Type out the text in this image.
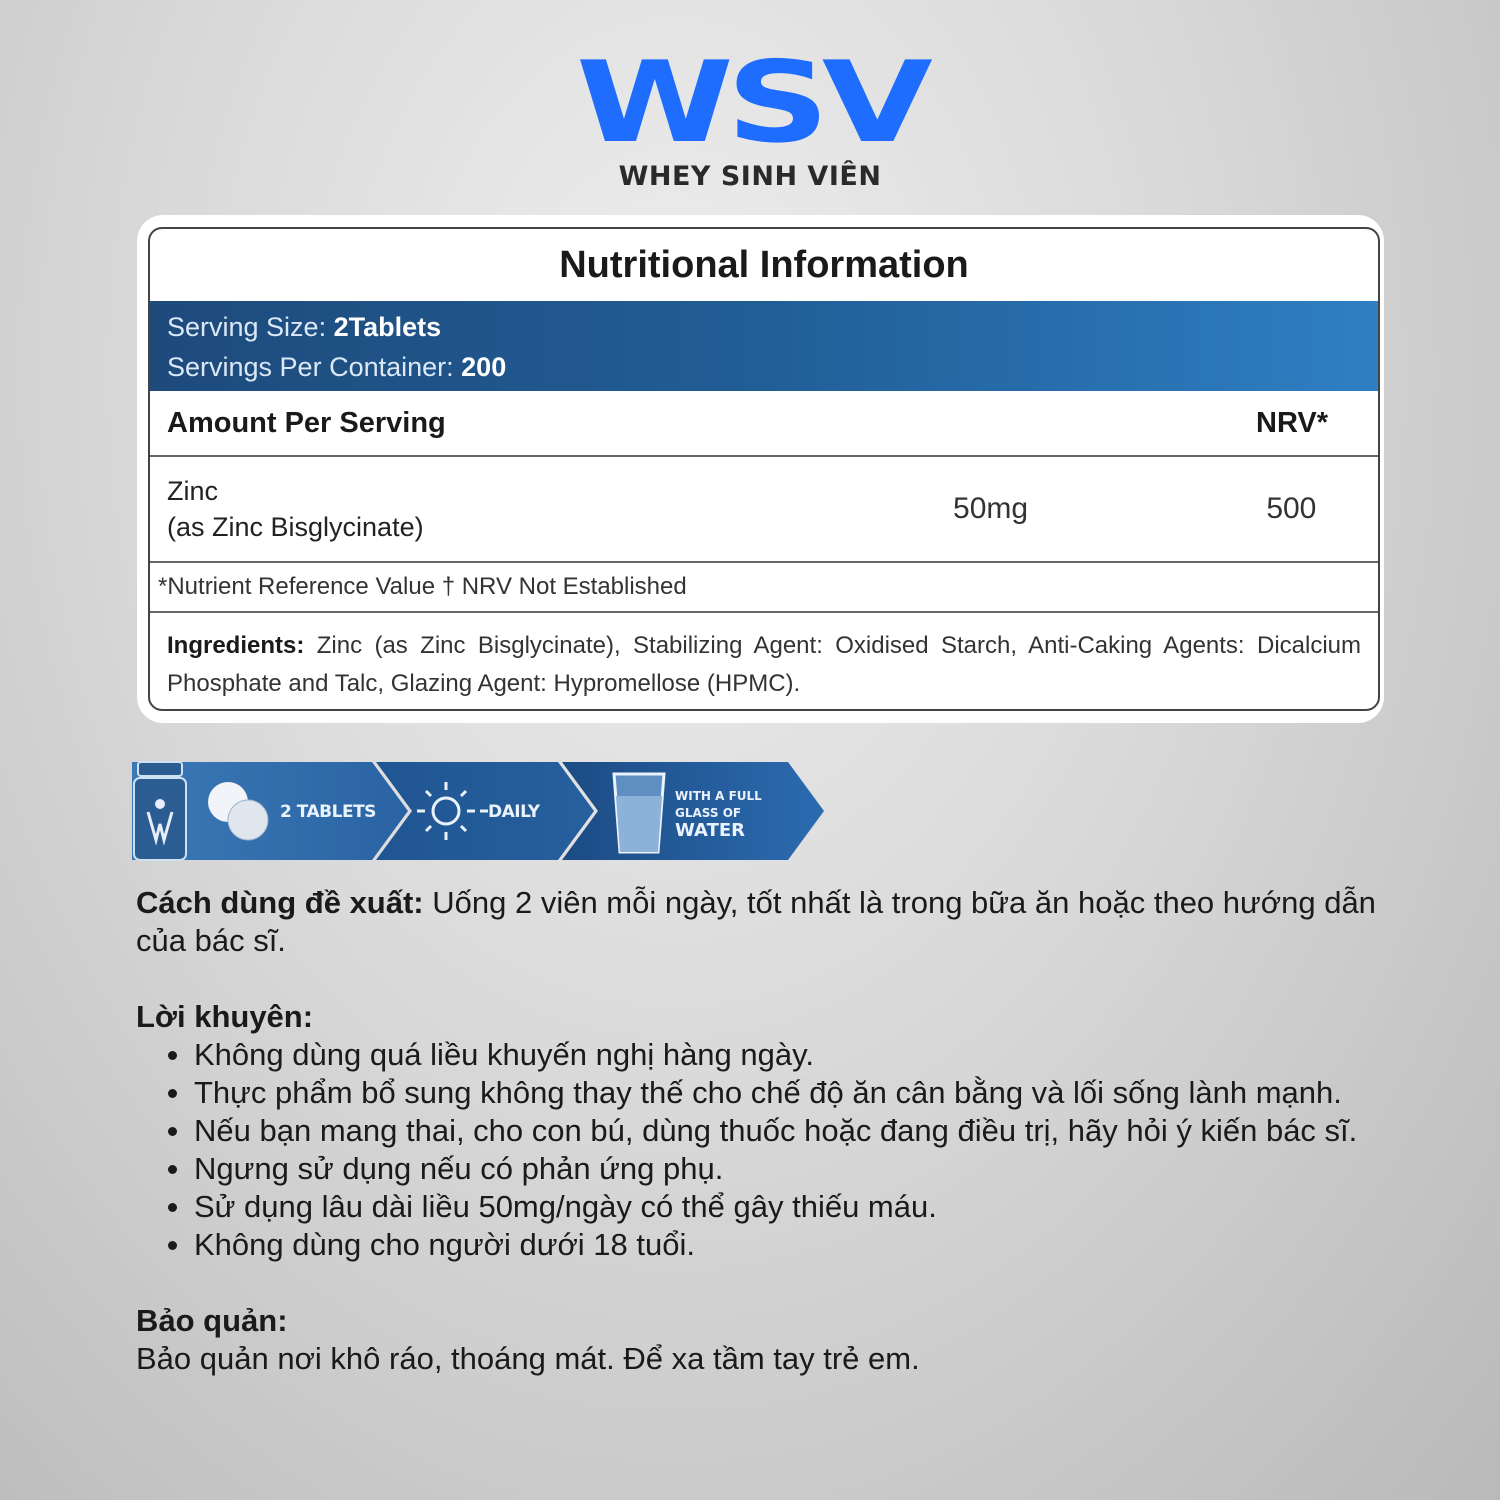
WSV
WHEY SINH VIÊN
Nutritional Information
Serving Size: 2Tablets
Servings Per Container: 200
Amount Per Serving	NRV*
Zinc
(as Zinc Bisglycinate)
50mg	500
*Nutrient Reference Value † NRV Not Established
Ingredients: Zinc (as Zinc Bisglycinate), Stabilizing Agent: Oxidised Starch, Anti-Caking Agents: Dicalcium Phosphate and Talc, Glazing Agent: Hypromellose (HPMC).
2 TABLETS	DAILY
WITH A FULL
GLASS OF
WATER

Cách dùng đề xuất: Uống 2 viên mỗi ngày, tốt nhất là trong bữa ăn hoặc theo hướng dẫn của bác sĩ.

Lời khuyên:
Không dùng quá liều khuyến nghị hàng ngày.
Thực phẩm bổ sung không thay thế cho chế độ ăn cân bằng và lối sống lành mạnh.
Nếu bạn mang thai, cho con bú, dùng thuốc hoặc đang điều trị, hãy hỏi ý kiến bác sĩ.
Ngưng sử dụng nếu có phản ứng phụ.
Sử dụng lâu dài liều 50mg/ngày có thể gây thiếu máu.
Không dùng cho người dưới 18 tuổi.
Bảo quản:
Bảo quản nơi khô ráo, thoáng mát. Để xa tầm tay trẻ em.
